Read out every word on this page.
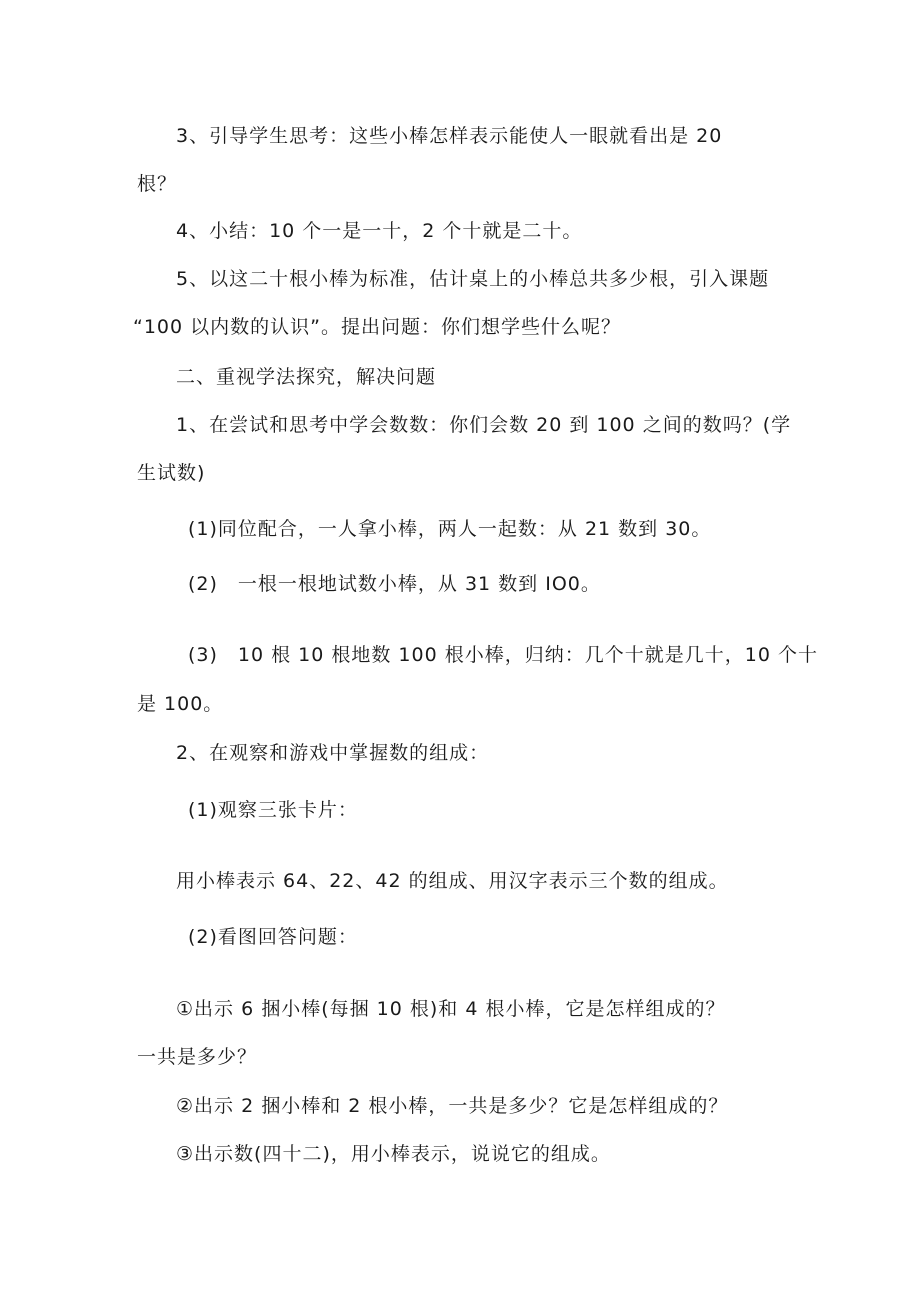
3、引导学生思考：这些小棒怎样表示能使人一眼就看出是 20

根？

4、小结：10 个一是一十，2 个十就是二十。

5、以这二十根小棒为标准，估计桌上的小棒总共多少根，引入课题

“100 以内数的认识”。提出问题：你们想学些什么呢？

二、重视学法探究，解决问题

1、在尝试和思考中学会数数：你们会数 20 到 100 之间的数吗？(学

生试数)

(1)同位配合，一人拿小棒，两人一起数：从 21 数到 30。

(2)　一根一根地试数小棒，从 31 数到 IO0。

(3)　10 根 10 根地数 100 根小棒，归纳：几个十就是几十，10 个十

是 100。

2、在观察和游戏中掌握数的组成：

(1)观察三张卡片：

用小棒表示 64、22、42 的组成、用汉字表示三个数的组成。

(2)看图回答问题：

①出示 6 捆小棒(每捆 10 根)和 4 根小棒，它是怎样组成的？

一共是多少？

②出示 2 捆小棒和 2 根小棒，一共是多少？它是怎样组成的？

③出示数(四十二)，用小棒表示，说说它的组成。
